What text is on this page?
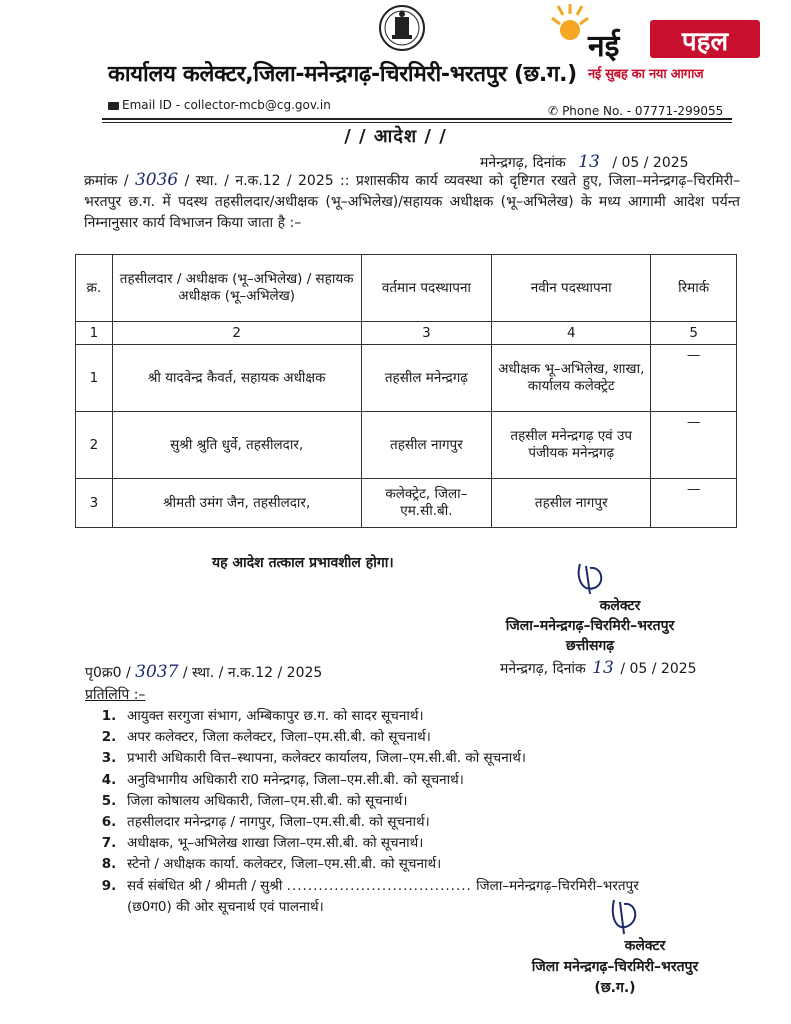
नई	पहल
नई सुबह का नया आगाज
कार्यालय कलेक्टर,जिला-मनेन्द्रगढ़-चिरमिरी-भरतपुर (छ.ग.)
Email ID - collector-mcb@cg.gov.in	✆ Phone No. - 07771-299055
/ / आदेश / /
मनेन्द्रगढ़, दिनांक 13 / 05 / 2025
क्रमांक / 3036 / स्था. / न.क.12 / 2025 :: प्रशासकीय कार्य व्यवस्था को दृष्टिगत रखते हुए, जिला–मनेन्द्रगढ़–चिरमिरी–भरतपुर छ.ग. में पदस्थ तहसीलदार/अधीक्षक (भू–अभिलेख)/सहायक अधीक्षक (भू–अभिलेख) के मध्य आगामी आदेश पर्यन्त निम्नानुसार कार्य विभाजन किया जाता है :–
क्र.	तहसीलदार / अधीक्षक (भू–अभिलेख) / सहायक अधीक्षक (भू–अभिलेख)	वर्तमान पदस्थापना	नवीन पदस्थापना	रिमार्क
1	2	3	4	5
1	श्री यादवेन्द्र कैवर्त, सहायक अधीक्षक	तहसील मनेन्द्रगढ़	अधीक्षक भू–अभिलेख, शाखा, कार्यालय कलेक्ट्रेट	—
2	सुश्री श्रुति धुर्वे, तहसीलदार,	तहसील नागपुर	तहसील मनेन्द्रगढ़ एवं उप पंजीयक मनेन्द्रगढ़	—
3	श्रीमती उमंग जैन, तहसीलदार,	कलेक्ट्रेट, जिला–एम.सी.बी.	तहसील नागपुर	—
यह आदेश तत्काल प्रभावशील होगा।
कलेक्टर
जिला–मनेन्द्रगढ़–चिरमिरी–भरतपुर
छत्तीसगढ़
पृ0क्र0 / 3037 / स्था. / न.क.12 / 2025	मनेन्द्रगढ़, दिनांक 13 / 05 / 2025
प्रतिलिपि :–
1. आयुक्त सरगुजा संभाग, अम्बिकापुर छ.ग. को सादर सूचनार्थ।
2. अपर कलेक्टर, जिला कलेक्टर, जिला–एम.सी.बी. को सूचनार्थ।
3. प्रभारी अधिकारी वित्त–स्थापना, कलेक्टर कार्यालय, जिला–एम.सी.बी. को सूचनार्थ।
4. अनुविभागीय अधिकारी रा0 मनेन्द्रगढ़, जिला–एम.सी.बी. को सूचनार्थ।
5. जिला कोषालय अधिकारी, जिला–एम.सी.बी. को सूचनार्थ।
6. तहसीलदार मनेन्द्रगढ़ / नागपुर, जिला–एम.सी.बी. को सूचनार्थ।
7. अधीक्षक, भू–अभिलेख शाखा जिला–एम.सी.बी. को सूचनार्थ।
8. स्टेनो / अधीक्षक कार्या. कलेक्टर, जिला–एम.सी.बी. को सूचनार्थ।
9. सर्व संबंधित श्री / श्रीमती / सुश्री ................................... जिला–मनेन्द्रगढ़–चिरमिरी–भरतपुर
(छ0ग0) की ओर सूचनार्थ एवं पालनार्थ।
कलेक्टर
जिला मनेन्द्रगढ़–चिरमिरी–भरतपुर
(छ.ग.)
